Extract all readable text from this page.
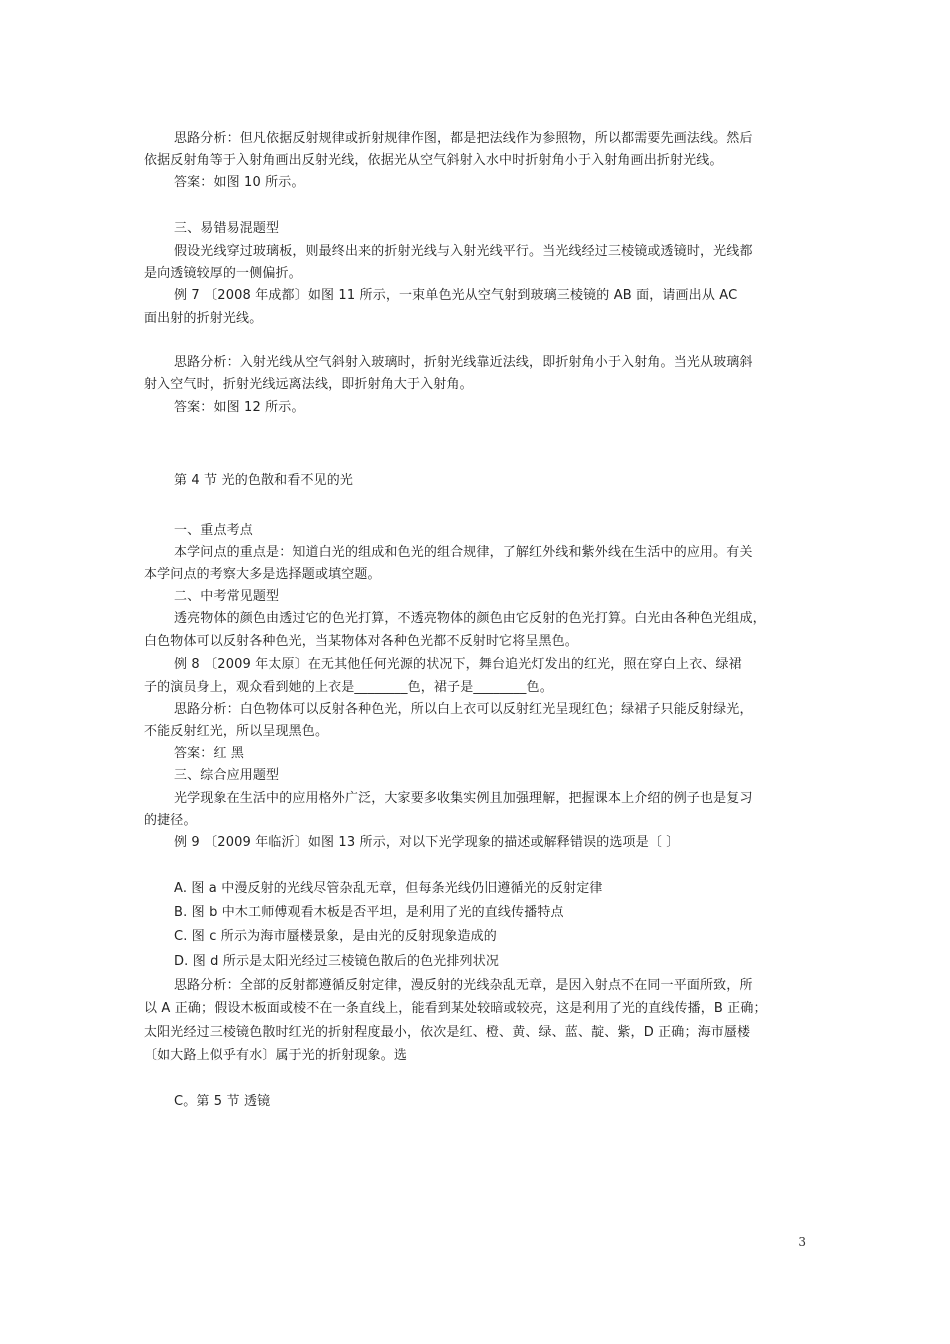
思路分析：但凡依据反射规律或折射规律作图，都是把法线作为参照物，所以都需要先画法线。然后
依据反射角等于入射角画出反射光线，依据光从空气斜射入水中时折射角小于入射角画出折射光线。
答案：如图 10 所示。
三、易错易混题型
假设光线穿过玻璃板，则最终出来的折射光线与入射光线平行。当光线经过三棱镜或透镜时，光线都
是向透镜较厚的一侧偏折。
例 7 〔2008 年成都〕如图 11 所示，一束单色光从空气射到玻璃三棱镜的 AB 面，请画出从 AC
面出射的折射光线。
思路分析：入射光线从空气斜射入玻璃时，折射光线靠近法线，即折射角小于入射角。当光从玻璃斜
射入空气时，折射光线远离法线，即折射角大于入射角。
答案：如图 12 所示。
第 4 节 光的色散和看不见的光
一、重点考点
本学问点的重点是：知道白光的组成和色光的组合规律，了解红外线和紫外线在生活中的应用。有关
本学问点的考察大多是选择题或填空题。
二、中考常见题型
透亮物体的颜色由透过它的色光打算，不透亮物体的颜色由它反射的色光打算。白光由各种色光组成，
白色物体可以反射各种色光，当某物体对各种色光都不反射时它将呈黑色。
例 8 〔2009 年太原〕在无其他任何光源的状况下，舞台追光灯发出的红光，照在穿白上衣、绿裙
子的演员身上，观众看到她的上衣是________色，裙子是________色。
思路分析：白色物体可以反射各种色光，所以白上衣可以反射红光呈现红色；绿裙子只能反射绿光，
不能反射红光，所以呈现黑色。
答案：红 黑
三、综合应用题型
光学现象在生活中的应用格外广泛，大家要多收集实例且加强理解，把握课本上介绍的例子也是复习
的捷径。
例 9 〔2009 年临沂〕如图 13 所示，对以下光学现象的描述或解释错误的选项是〔 〕
A. 图 a 中漫反射的光线尽管杂乱无章，但每条光线仍旧遵循光的反射定律
B. 图 b 中木工师傅观看木板是否平坦，是利用了光的直线传播特点
C. 图 c 所示为海市蜃楼景象，是由光的反射现象造成的
D. 图 d 所示是太阳光经过三棱镜色散后的色光排列状况
思路分析：全部的反射都遵循反射定律，漫反射的光线杂乱无章，是因入射点不在同一平面所致，所
以 A 正确；假设木板面或棱不在一条直线上，能看到某处较暗或较亮，这是利用了光的直线传播，B 正确；
太阳光经过三棱镜色散时红光的折射程度最小，依次是红、橙、黄、绿、蓝、靛、紫，D 正确；海市蜃楼
〔如大路上似乎有水〕属于光的折射现象。选
C。第 5 节 透镜
3
